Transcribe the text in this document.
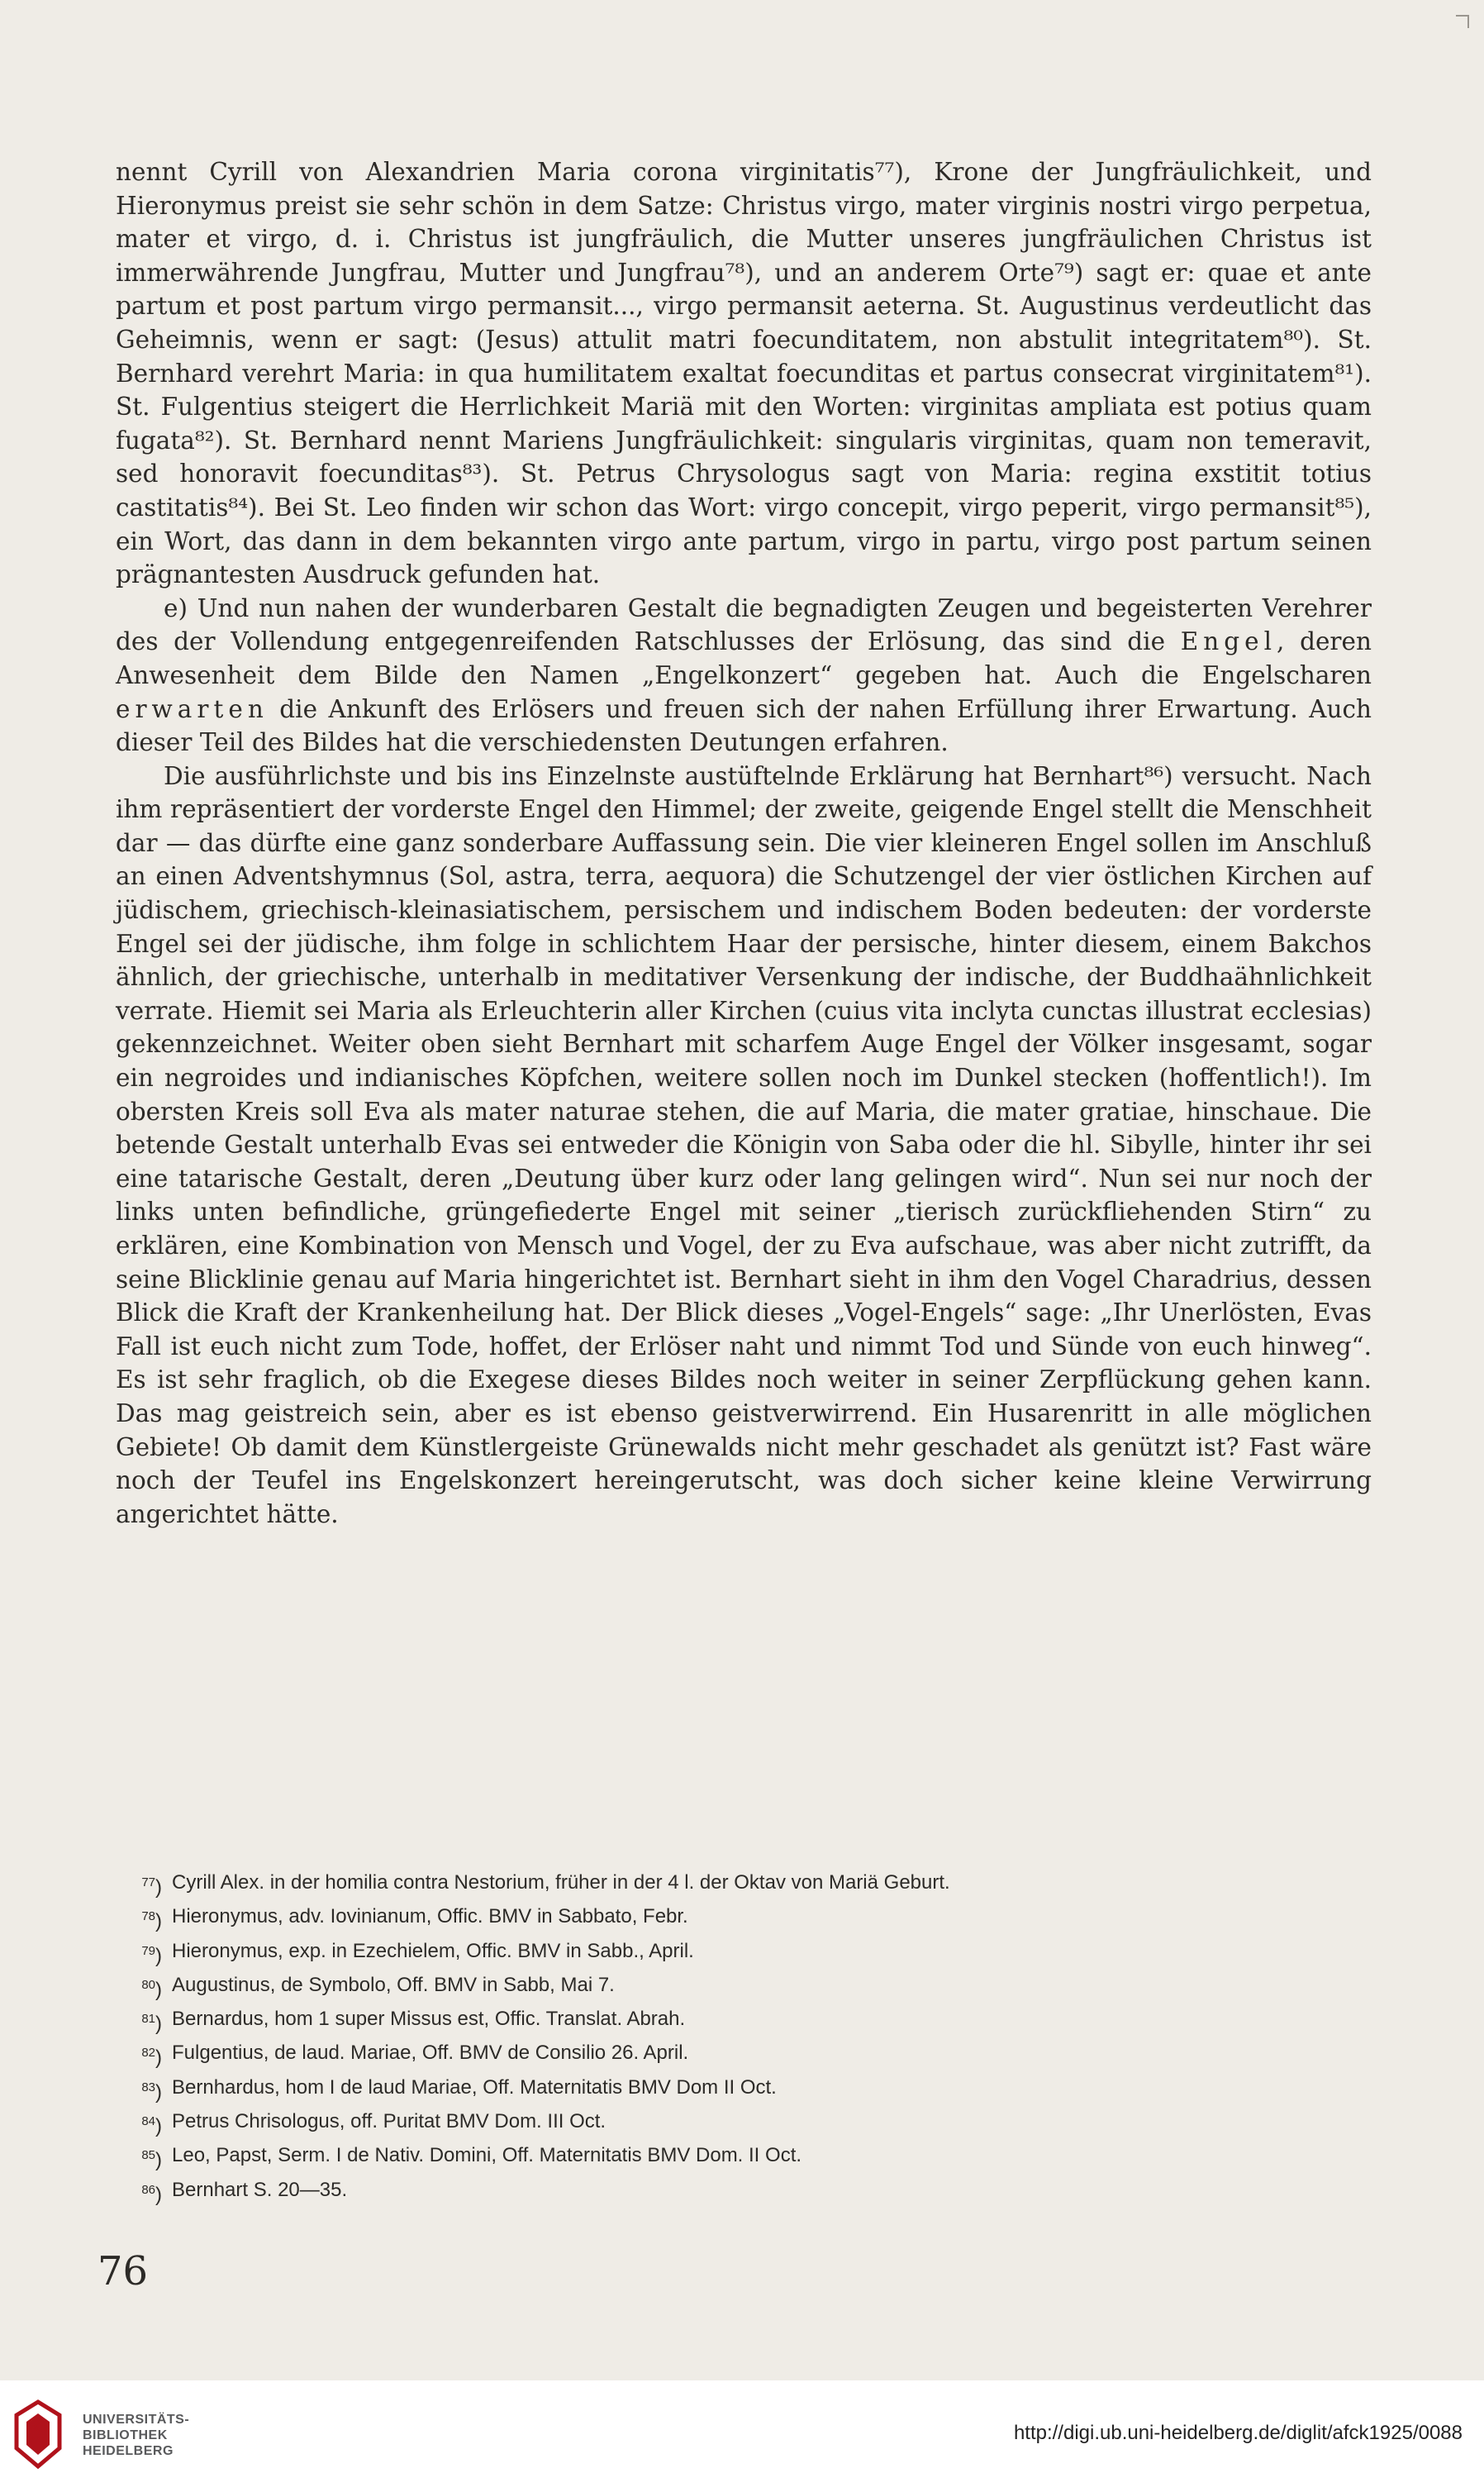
nennt Cyrill von Alexandrien Maria corona virginitatis⁷⁷), Krone der Jungfräulichkeit, und Hieronymus preist sie sehr schön in dem Satze: Christus virgo, mater virginis nostri virgo perpetua, mater et virgo, d. i. Christus ist jungfräulich, die Mutter unseres jungfräulichen Christus ist immerwährende Jungfrau, Mutter und Jungfrau⁷⁸), und an anderem Orte⁷⁹) sagt er: quae et ante partum et post partum virgo permansit..., virgo permansit aeterna. St. Augustinus verdeutlicht das Geheimnis, wenn er sagt: (Jesus) attulit matri foecunditatem, non abstulit integritatem⁸⁰). St. Bernhard verehrt Maria: in qua humilitatem exaltat foecunditas et partus consecrat virginitatem⁸¹). St. Fulgentius steigert die Herrlichkeit Mariä mit den Worten: virginitas ampliata est potius quam fugata⁸²). St. Bernhard nennt Mariens Jungfräulichkeit: singularis virginitas, quam non temeravit, sed honoravit foecunditas⁸³). St. Petrus Chrysologus sagt von Maria: regina exstitit totius castitatis⁸⁴). Bei St. Leo finden wir schon das Wort: virgo concepit, virgo peperit, virgo permansit⁸⁵), ein Wort, das dann in dem bekannten virgo ante partum, virgo in partu, virgo post partum seinen prägnantesten Ausdruck gefunden hat.

e) Und nun nahen der wunderbaren Gestalt die begnadigten Zeugen und begeisterten Verehrer des der Vollendung entgegenreifenden Ratschlusses der Erlösung, das sind die Engel, deren Anwesenheit dem Bilde den Namen „Engelkonzert“ gegeben hat. Auch die Engelscharen erwarten die Ankunft des Erlösers und freuen sich der nahen Erfüllung ihrer Erwartung. Auch dieser Teil des Bildes hat die verschiedensten Deutungen erfahren.

Die ausführlichste und bis ins Einzelnste austüftelnde Erklärung hat Bernhart⁸⁶) versucht. Nach ihm repräsentiert der vorderste Engel den Himmel; der zweite, geigende Engel stellt die Menschheit dar — das dürfte eine ganz sonderbare Auffassung sein. Die vier kleineren Engel sollen im Anschluß an einen Adventshymnus (Sol, astra, terra, aequora) die Schutzengel der vier östlichen Kirchen auf jüdischem, griechisch-kleinasiatischem, persischem und indischem Boden bedeuten: der vorderste Engel sei der jüdische, ihm folge in schlichtem Haar der persische, hinter diesem, einem Bakchos ähnlich, der griechische, unterhalb in meditativer Versenkung der indische, der Buddhaähnlichkeit verrate. Hiemit sei Maria als Erleuchterin aller Kirchen (cuius vita inclyta cunctas illustrat ecclesias) gekennzeichnet. Weiter oben sieht Bernhart mit scharfem Auge Engel der Völker insgesamt, sogar ein negroides und indianisches Köpfchen, weitere sollen noch im Dunkel stecken (hoffentlich!). Im obersten Kreis soll Eva als mater naturae stehen, die auf Maria, die mater gratiae, hinschaue. Die betende Gestalt unterhalb Evas sei entweder die Königin von Saba oder die hl. Sibylle, hinter ihr sei eine tatarische Gestalt, deren „Deutung über kurz oder lang gelingen wird“. Nun sei nur noch der links unten befindliche, grüngefiederte Engel mit seiner „tierisch zurückfliehenden Stirn“ zu erklären, eine Kombination von Mensch und Vogel, der zu Eva aufschaue, was aber nicht zutrifft, da seine Blicklinie genau auf Maria hingerichtet ist. Bernhart sieht in ihm den Vogel Charadrius, dessen Blick die Kraft der Krankenheilung hat. Der Blick dieses „Vogel-Engels“ sage: „Ihr Unerlösten, Evas Fall ist euch nicht zum Tode, hoffet, der Erlöser naht und nimmt Tod und Sünde von euch hinweg“. Es ist sehr fraglich, ob die Exegese dieses Bildes noch weiter in seiner Zerpflückung gehen kann. Das mag geistreich sein, aber es ist ebenso geistverwirrend. Ein Husarenritt in alle möglichen Gebiete! Ob damit dem Künstlergeiste Grünewalds nicht mehr geschadet als genützt ist? Fast wäre noch der Teufel ins Engelskonzert hereingerutscht, was doch sicher keine kleine Verwirrung angerichtet hätte.

$^{77}$) Cyrill Alex. in der homilia contra Nestorium, früher in der 4 l. der Oktav von Mariä Geburt.
$^{78}$) Hieronymus, adv. Iovinianum, Offic. BMV in Sabbato, Febr.
$^{79}$) Hieronymus, exp. in Ezechielem, Offic. BMV in Sabb., April.
$^{80}$) Augustinus, de Symbolo, Off. BMV in Sabb, Mai 7.
$^{81}$) Bernardus, hom 1 super Missus est, Offic. Translat. Abrah.
$^{82}$) Fulgentius, de laud. Mariae, Off. BMV de Consilio 26. April.
$^{83}$) Bernhardus, hom I de laud Mariae, Off. Maternitatis BMV Dom II Oct.
$^{84}$) Petrus Chrisologus, off. Puritat BMV Dom. III Oct.
$^{85}$) Leo, Papst, Serm. I de Nativ. Domini, Off. Maternitatis BMV Dom. II Oct.
$^{86}$) Bernhart S. 20—35.
76
UNIVERSITÄTS-
BIBLIOTHEK
HEIDELBERG
http://digi.ub.uni-heidelberg.de/diglit/afck1925/0088
